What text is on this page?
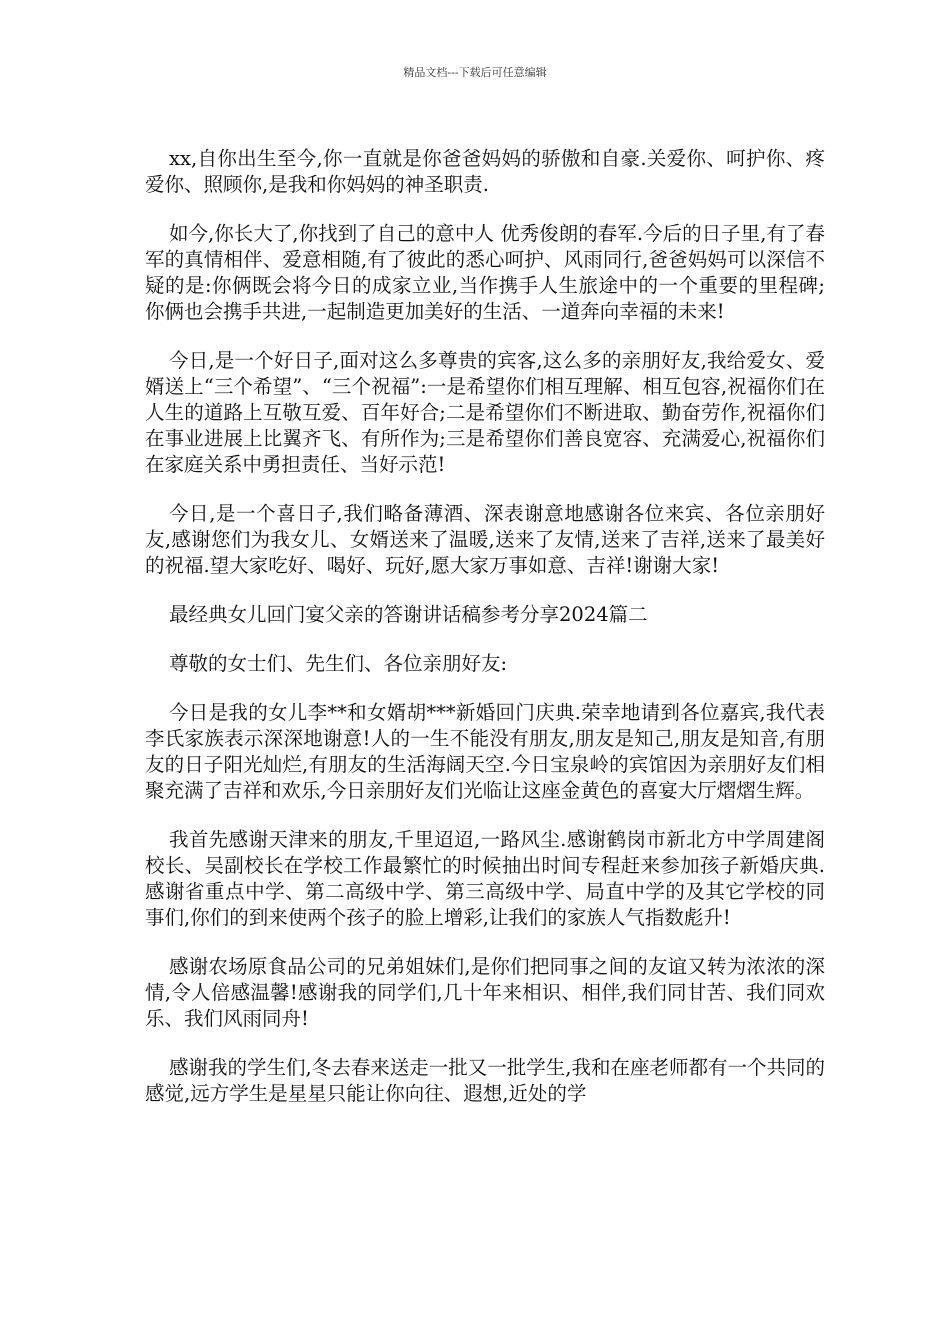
精品文档---下载后可任意编辑

xx,自你出生至今,你一直就是你爸爸妈妈的骄傲和自豪.关爱你、呵护你、疼爱你、照顾你,是我和你妈妈的神圣职责.

如今,你长大了,你找到了自己的意中人 优秀俊朗的春军.今后的日子里,有了春军的真情相伴、爱意相随,有了彼此的悉心呵护、风雨同行,爸爸妈妈可以深信不疑的是:你俩既会将今日的成家立业,当作携手人生旅途中的一个重要的里程碑;你俩也会携手共进,一起制造更加美好的生活、一道奔向幸福的未来!

今日,是一个好日子,面对这么多尊贵的宾客,这么多的亲朋好友,我给爱女、爱婿送上“三个希望”、“三个祝福”:一是希望你们相互理解、相互包容,祝福你们在人生的道路上互敬互爱、百年好合;二是希望你们不断进取、勤奋劳作,祝福你们在事业进展上比翼齐飞、有所作为;三是希望你们善良宽容、充满爱心,祝福你们在家庭关系中勇担责任、当好示范!

今日,是一个喜日子,我们略备薄酒、深表谢意地感谢各位来宾、各位亲朋好友,感谢您们为我女儿、女婿送来了温暖,送来了友情,送来了吉祥,送来了最美好的祝福.望大家吃好、喝好、玩好,愿大家万事如意、吉祥!谢谢大家!

最经典女儿回门宴父亲的答谢讲话稿参考分享2024篇二

尊敬的女士们、先生们、各位亲朋好友:

今日是我的女儿李**和女婿胡***新婚回门庆典.荣幸地请到各位嘉宾,我代表李氏家族表示深深地谢意!人的一生不能没有朋友,朋友是知己,朋友是知音,有朋友的日子阳光灿烂,有朋友的生活海阔天空.今日宝泉岭的宾馆因为亲朋好友们相聚充满了吉祥和欢乐,今日亲朋好友们光临让这座金黄色的喜宴大厅熠熠生辉。

我首先感谢天津来的朋友,千里迢迢,一路风尘.感谢鹤岗市新北方中学周建阁校长、吴副校长在学校工作最繁忙的时候抽出时间专程赶来参加孩子新婚庆典.感谢省重点中学、第二高级中学、第三高级中学、局直中学的及其它学校的同事们,你们的到来使两个孩子的脸上增彩,让我们的家族人气指数彪升!

感谢农场原食品公司的兄弟姐妹们,是你们把同事之间的友谊又转为浓浓的深情,令人倍感温馨!感谢我的同学们,几十年来相识、相伴,我们同甘苦、我们同欢乐、我们风雨同舟!

感谢我的学生们,冬去春来送走一批又一批学生,我和在座老师都有一个共同的感觉,远方学生是星星只能让你向往、遐想,近处的学
